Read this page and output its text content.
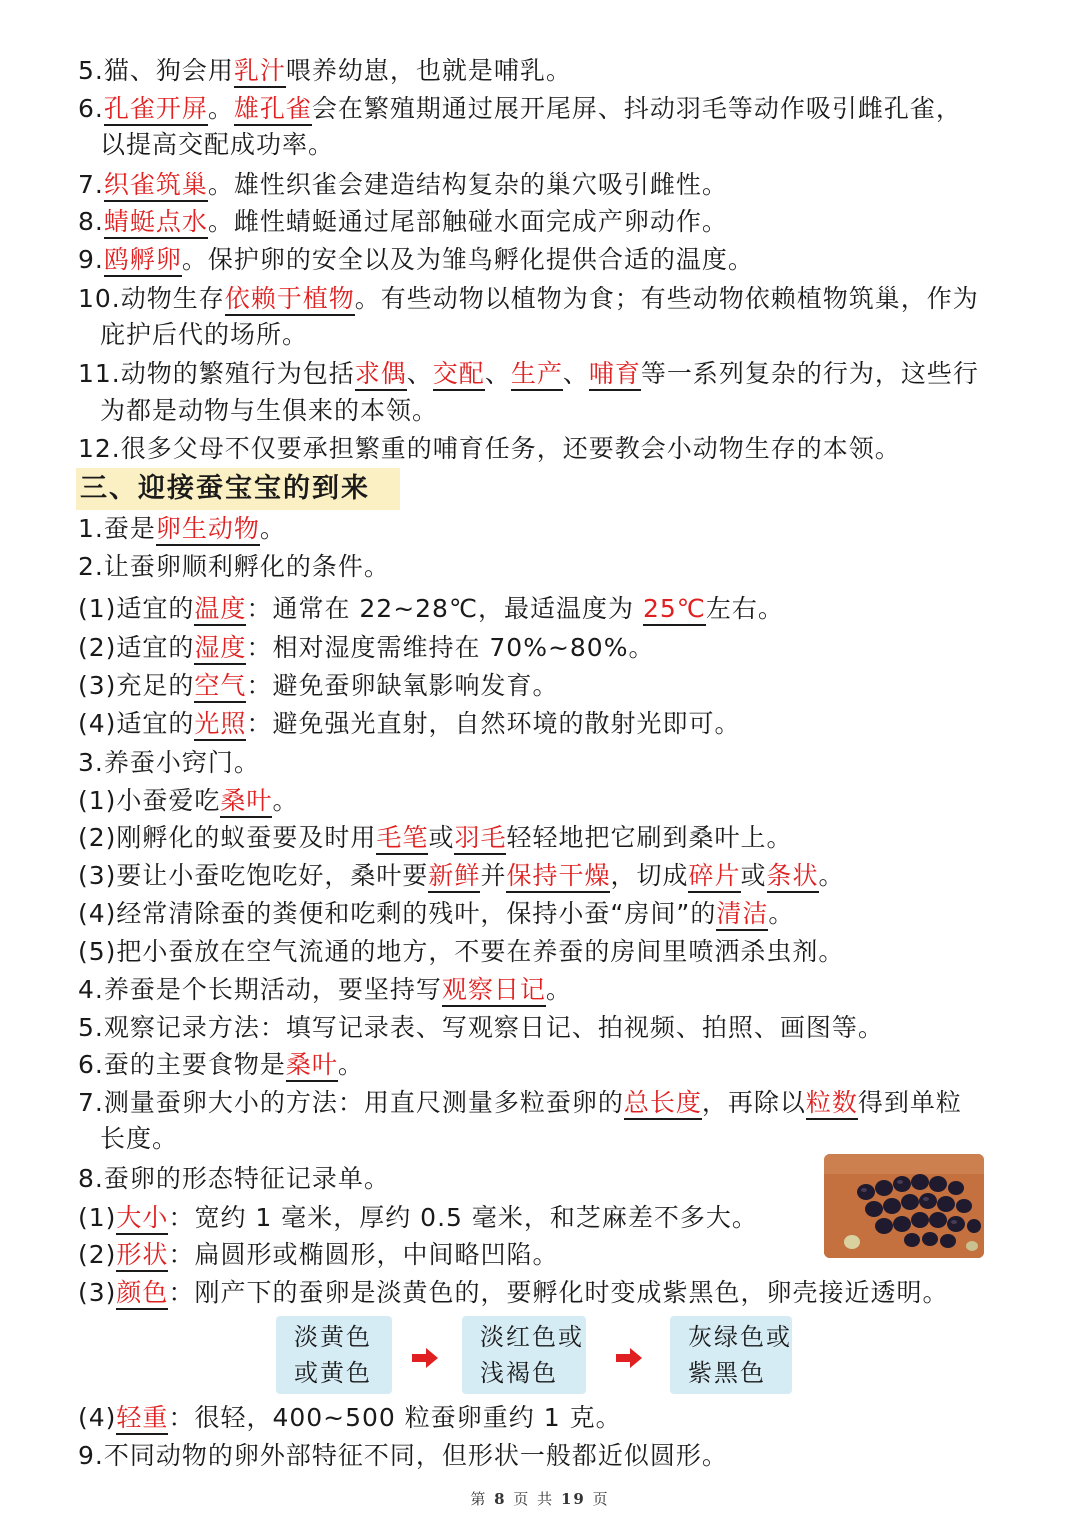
5.猫、狗会用乳汁喂养幼崽，也就是哺乳。
6.孔雀开屏。雄孔雀会在繁殖期通过展开尾屏、抖动羽毛等动作吸引雌孔雀，
以提高交配成功率。
7.织雀筑巢。雄性织雀会建造结构复杂的巢穴吸引雌性。
8.蜻蜓点水。雌性蜻蜓通过尾部触碰水面完成产卵动作。
9.鸥孵卵。保护卵的安全以及为雏鸟孵化提供合适的温度。
10.动物生存依赖于植物。有些动物以植物为食；有些动物依赖植物筑巢，作为
庇护后代的场所。
11.动物的繁殖行为包括求偶、交配、生产、哺育等一系列复杂的行为，这些行
为都是动物与生俱来的本领。
12.很多父母不仅要承担繁重的哺育任务，还要教会小动物生存的本领。
三、迎接蚕宝宝的到来
1.蚕是卵生动物。
2.让蚕卵顺利孵化的条件。
(1)适宜的温度：通常在 22~28℃，最适温度为 25℃左右。
(2)适宜的湿度：相对湿度需维持在 70%~80%。
(3)充足的空气：避免蚕卵缺氧影响发育。
(4)适宜的光照：避免强光直射，自然环境的散射光即可。
3.养蚕小窍门。
(1)小蚕爱吃桑叶。
(2)刚孵化的蚁蚕要及时用毛笔或羽毛轻轻地把它刷到桑叶上。
(3)要让小蚕吃饱吃好，桑叶要新鲜并保持干燥，切成碎片或条状。
(4)经常清除蚕的粪便和吃剩的残叶，保持小蚕“房间”的清洁。
(5)把小蚕放在空气流通的地方，不要在养蚕的房间里喷洒杀虫剂。
4.养蚕是个长期活动，要坚持写观察日记。
5.观察记录方法：填写记录表、写观察日记、拍视频、拍照、画图等。
6.蚕的主要食物是桑叶。
7.测量蚕卵大小的方法：用直尺测量多粒蚕卵的总长度，再除以粒数得到单粒
长度。
8.蚕卵的形态特征记录单。
(1)大小：宽约 1 毫米，厚约 0.5 毫米，和芝麻差不多大。
(2)形状：扁圆形或椭圆形，中间略凹陷。
(3)颜色：刚产下的蚕卵是淡黄色的，要孵化时变成紫黑色，卵壳接近透明。
淡黄色
或黄色
淡红色或
浅褐色
灰绿色或
紫黑色
(4)轻重：很轻，400~500 粒蚕卵重约 1 克。
9.不同动物的卵外部特征不同，但形状一般都近似圆形。
第 8 页 共 19 页
